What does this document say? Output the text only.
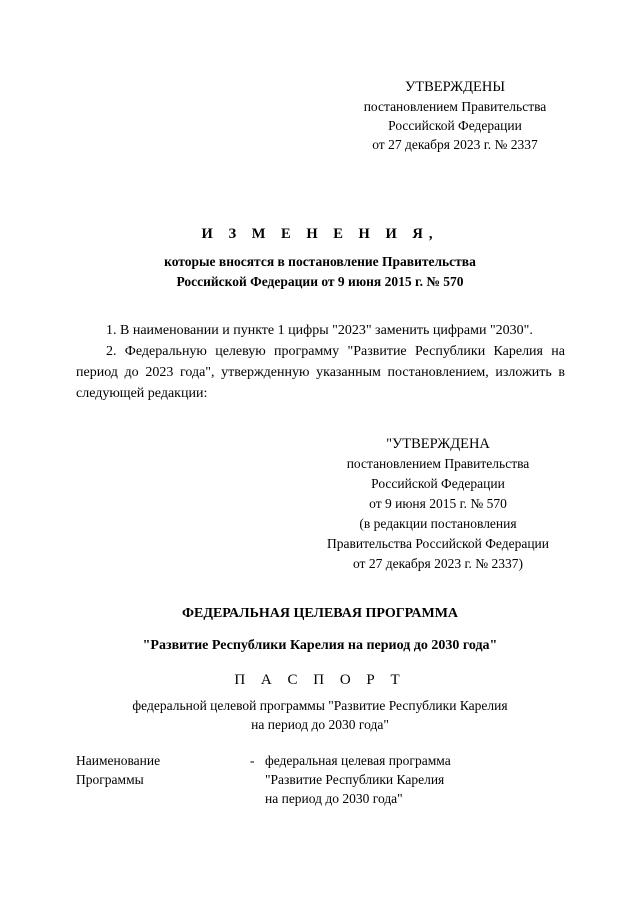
УТВЕРЖДЕНЫ
постановлением Правительства
Российской Федерации
от 27 декабря 2023 г. № 2337
И З М Е Н Е Н И Я,
которые вносятся в постановление Правительства
Российской Федерации от 9 июня 2015 г. № 570

1. В наименовании и пункте 1 цифры "2023" заменить цифрами "2030".

2. Федеральную целевую программу "Развитие Республики Карелия на период до 2023 года", утвержденную указанным постановлением, изложить в следующей редакции:

"УТВЕРЖДЕНА
постановлением Правительства
Российской Федерации
от 9 июня 2015 г. № 570
(в редакции постановления
Правительства Российской Федерации
от 27 декабря 2023 г. № 2337)
ФЕДЕРАЛЬНАЯ ЦЕЛЕВАЯ ПРОГРАММА
"Развитие Республики Карелия на период до 2030 года"
П А С П О Р Т
федеральной целевой программы "Развитие Республики Карелия
на период до 2030 года"
Наименование
Программы
- федеральная целевая программа
"Развитие Республики Карелия
на период до 2030 года"
